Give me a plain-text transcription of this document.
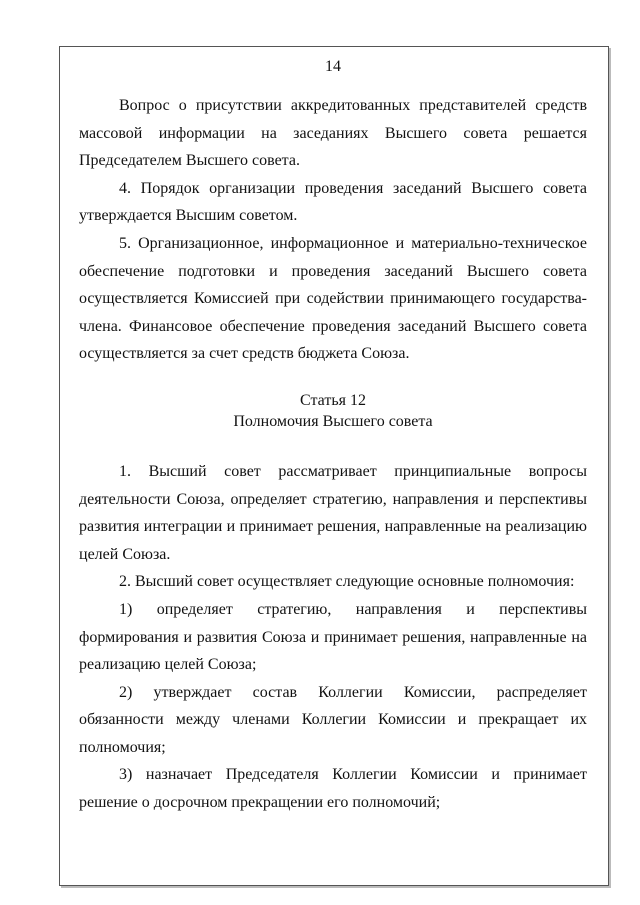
14

Вопрос о присутствии аккредитованных представителей средств массовой информации на заседаниях Высшего совета решается Председателем Высшего совета.

4. Порядок организации проведения заседаний Высшего совета утверждается Высшим советом.

5. Организационное, информационное и материально-техническое обеспечение подготовки и проведения заседаний Высшего совета осуществляется Комиссией при содействии принимающего государства-члена. Финансовое обеспечение проведения заседаний Высшего совета осуществляется за счет средств бюджета Союза.

Статья 12
Полномочия Высшего совета

1. Высший совет рассматривает принципиальные вопросы деятельности Союза, определяет стратегию, направления и перспективы развития интеграции и принимает решения, направленные на реализацию целей Союза.

2. Высший совет осуществляет следующие основные полномочия:

1) определяет стратегию, направления и перспективы формирования и развития Союза и принимает решения, направленные на реализацию целей Союза;

2) утверждает состав Коллегии Комиссии, распределяет обязанности между членами Коллегии Комиссии и прекращает их полномочия;

3) назначает Председателя Коллегии Комиссии и принимает решение о досрочном прекращении его полномочий;
